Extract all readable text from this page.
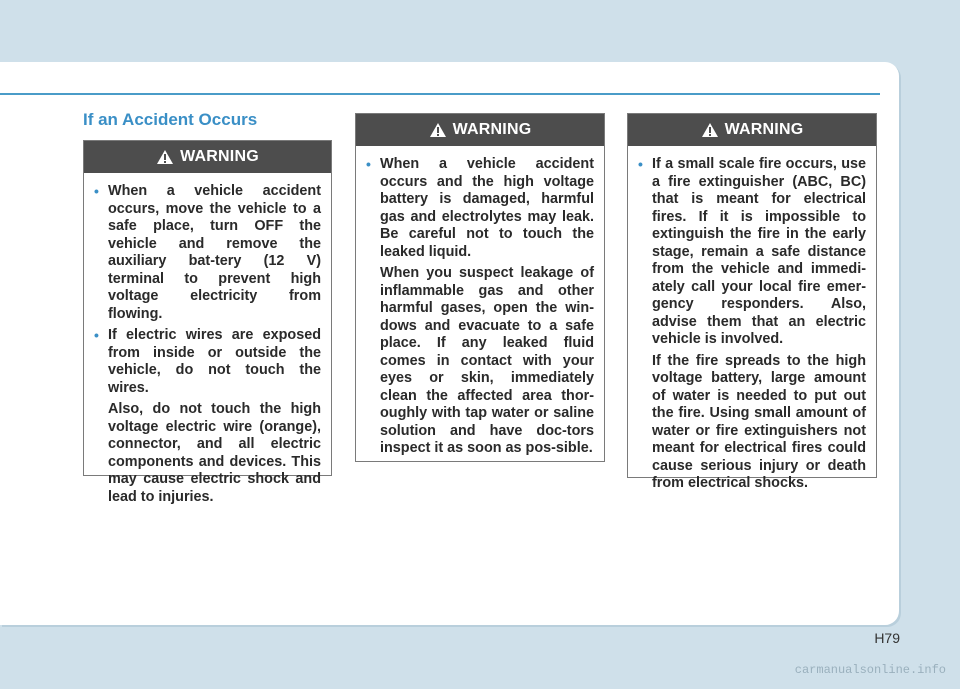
If an Accident Occurs
WARNING
• When a vehicle accident occurs, move the vehicle to a safe place, turn OFF the vehicle and remove the auxiliary bat-tery (12 V) terminal to prevent high voltage electricity from flowing.
• If electric wires are exposed from inside or outside the vehicle, do not touch the wires.
Also, do not touch the high voltage electric wire (orange), connector, and all electric components and devices. This may cause electric shock and lead to injuries.
WARNING
• When a vehicle accident occurs and the high voltage battery is damaged, harmful gas and electrolytes may leak. Be careful not to touch the leaked liquid.
When you suspect leakage of inflammable gas and other harmful gases, open the win-dows and evacuate to a safe place. If any leaked fluid comes in contact with your eyes or skin, immediately clean the affected area thor-oughly with tap water or saline solution and have doc-tors inspect it as soon as pos-sible.
WARNING
• If a small scale fire occurs, use a fire extinguisher (ABC, BC) that is meant for electrical fires. If it is impossible to extinguish the fire in the early stage, remain a safe distance from the vehicle and immedi-ately call your local fire emer-gency responders. Also, advise them that an electric vehicle is involved.
If the fire spreads to the high voltage battery, large amount of water is needed to put out the fire. Using small amount of water or fire extinguishers not meant for electrical fires could cause serious injury or death from electrical shocks.
H79
carmanualsonline.info
